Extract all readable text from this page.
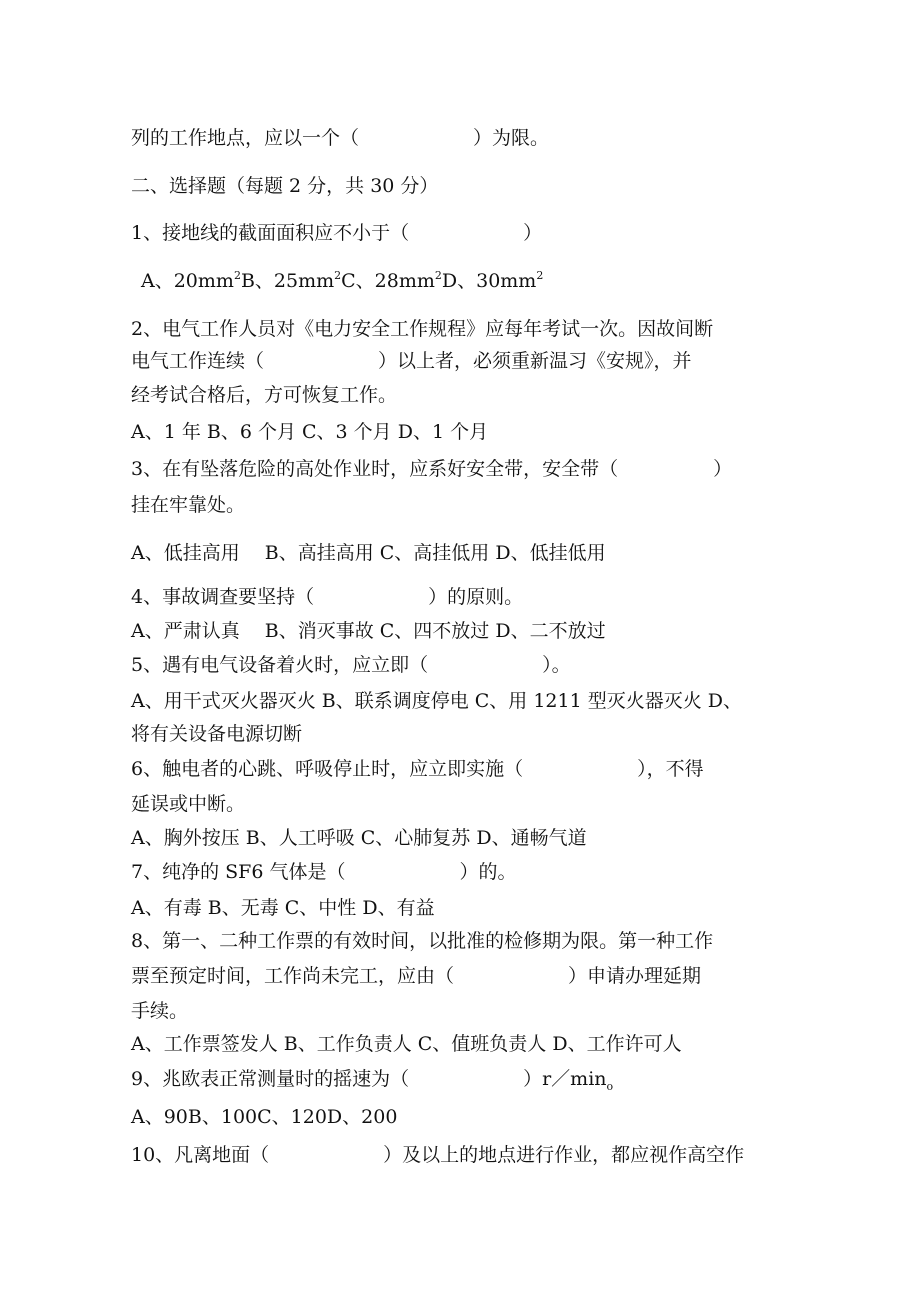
列的工作地点，应以一个（　　　　　　）为限。
二、选择题（每题 2 分，共 30 分）
1、接地线的截面面积应不小于（　　　　　　）
A、$20mm^2B$、$25mm^2C$、$28mm^2D$、$30mm^2$
2、电气工作人员对《电力安全工作规程》应每年考试一次。因故间断
电气工作连续（　　　　　　）以上者，必须重新温习《安规》，并
经考试合格后，方可恢复工作。
A、1 年 B、6 个月 C、3 个月 D、1 个月
3、在有坠落危险的高处作业时，应系好安全带，安全带（　　　　　）
挂在牢靠处。
A、低挂高用　 B、高挂高用 C、高挂低用 D、低挂低用
4、事故调查要坚持（　　　　　　）的原则。
A、严肃认真　 B、消灭事故 C、四不放过 D、二不放过
5、遇有电气设备着火时，应立即（　　　　　　）。
A、用干式灭火器灭火 B、联系调度停电 C、用 1211 型灭火器灭火 D、
将有关设备电源切断
6、触电者的心跳、呼吸停止时，应立即实施（　　　　　　），不得
延误或中断。
A、胸外按压 B、人工呼吸 C、心肺复苏 D、通畅气道
7、纯净的 SF6 气体是（　　　　　　）的。
A、有毒 B、无毒 C、中性 D、有益
8、第一、二种工作票的有效时间，以批准的检修期为限。第一种工作
票至预定时间，工作尚未完工，应由（　　　　　　）申请办理延期
手续。
A、工作票签发人 B、工作负责人 C、值班负责人 D、工作许可人
9、兆欧表正常测量时的摇速为（　　　　　　）$r/\min_o$
A、90B、100C、120D、200
10、凡离地面（　　　　　　）及以上的地点进行作业，都应视作高空作
